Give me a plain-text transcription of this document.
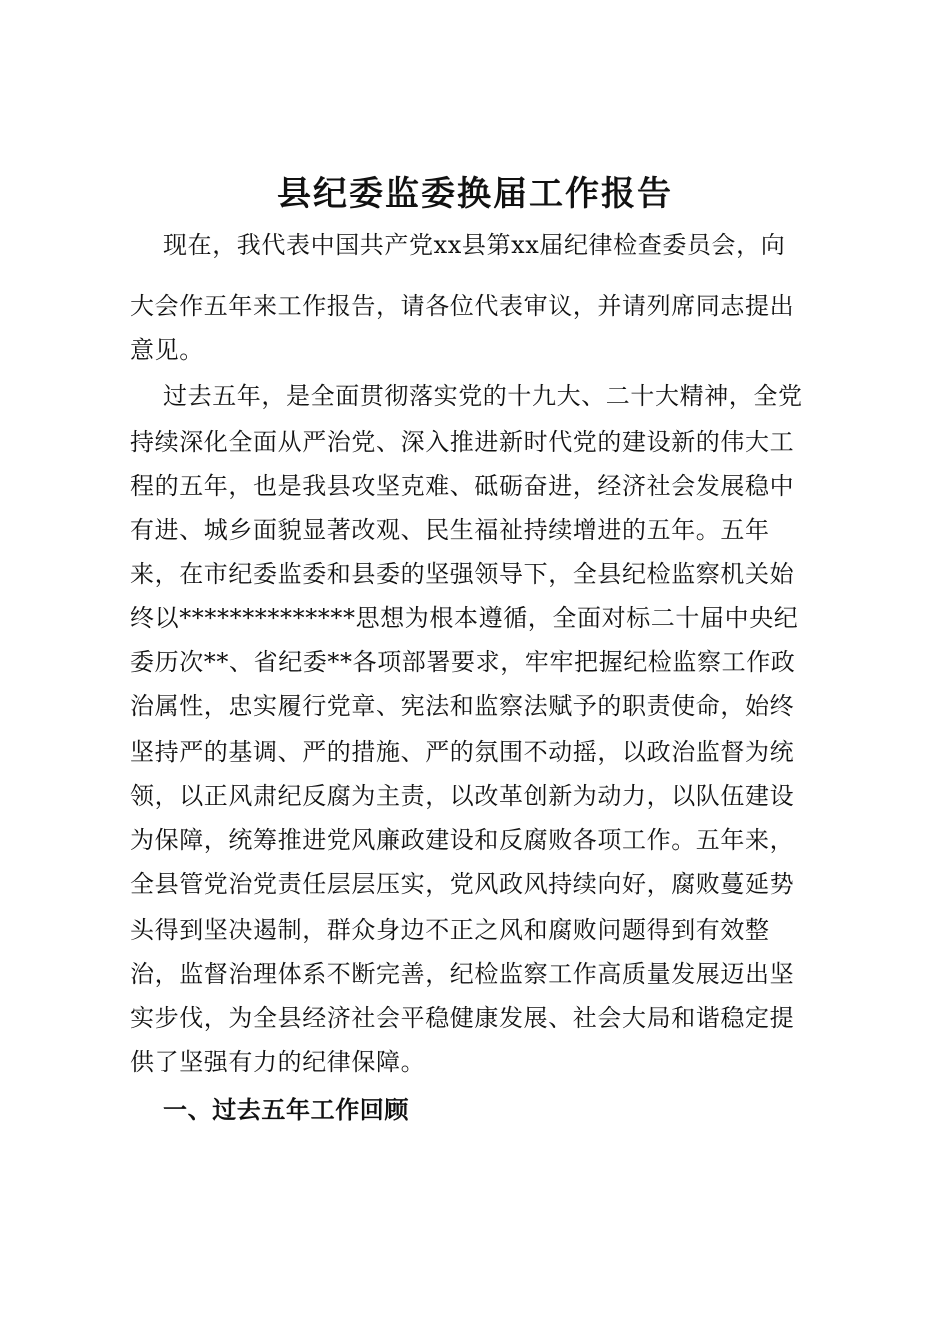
县纪委监委换届工作报告
现在，我代表中国共产党xx县第xx届纪律检查委员会，向
大会作五年来工作报告，请各位代表审议，并请列席同志提出
意见。
过去五年，是全面贯彻落实党的十九大、二十大精神，全党
持续深化全面从严治党、深入推进新时代党的建设新的伟大工
程的五年，也是我县攻坚克难、砥砺奋进，经济社会发展稳中
有进、城乡面貌显著改观、民生福祉持续增进的五年。五年
来，在市纪委监委和县委的坚强领导下，全县纪检监察机关始
终以**************思想为根本遵循，全面对标二十届中央纪
委历次**、省纪委**各项部署要求，牢牢把握纪检监察工作政
治属性，忠实履行党章、宪法和监察法赋予的职责使命，始终
坚持严的基调、严的措施、严的氛围不动摇，以政治监督为统
领，以正风肃纪反腐为主责，以改革创新为动力，以队伍建设
为保障，统筹推进党风廉政建设和反腐败各项工作。五年来，
全县管党治党责任层层压实，党风政风持续向好，腐败蔓延势
头得到坚决遏制，群众身边不正之风和腐败问题得到有效整
治，监督治理体系不断完善，纪检监察工作高质量发展迈出坚
实步伐，为全县经济社会平稳健康发展、社会大局和谐稳定提
供了坚强有力的纪律保障。
一、过去五年工作回顾
